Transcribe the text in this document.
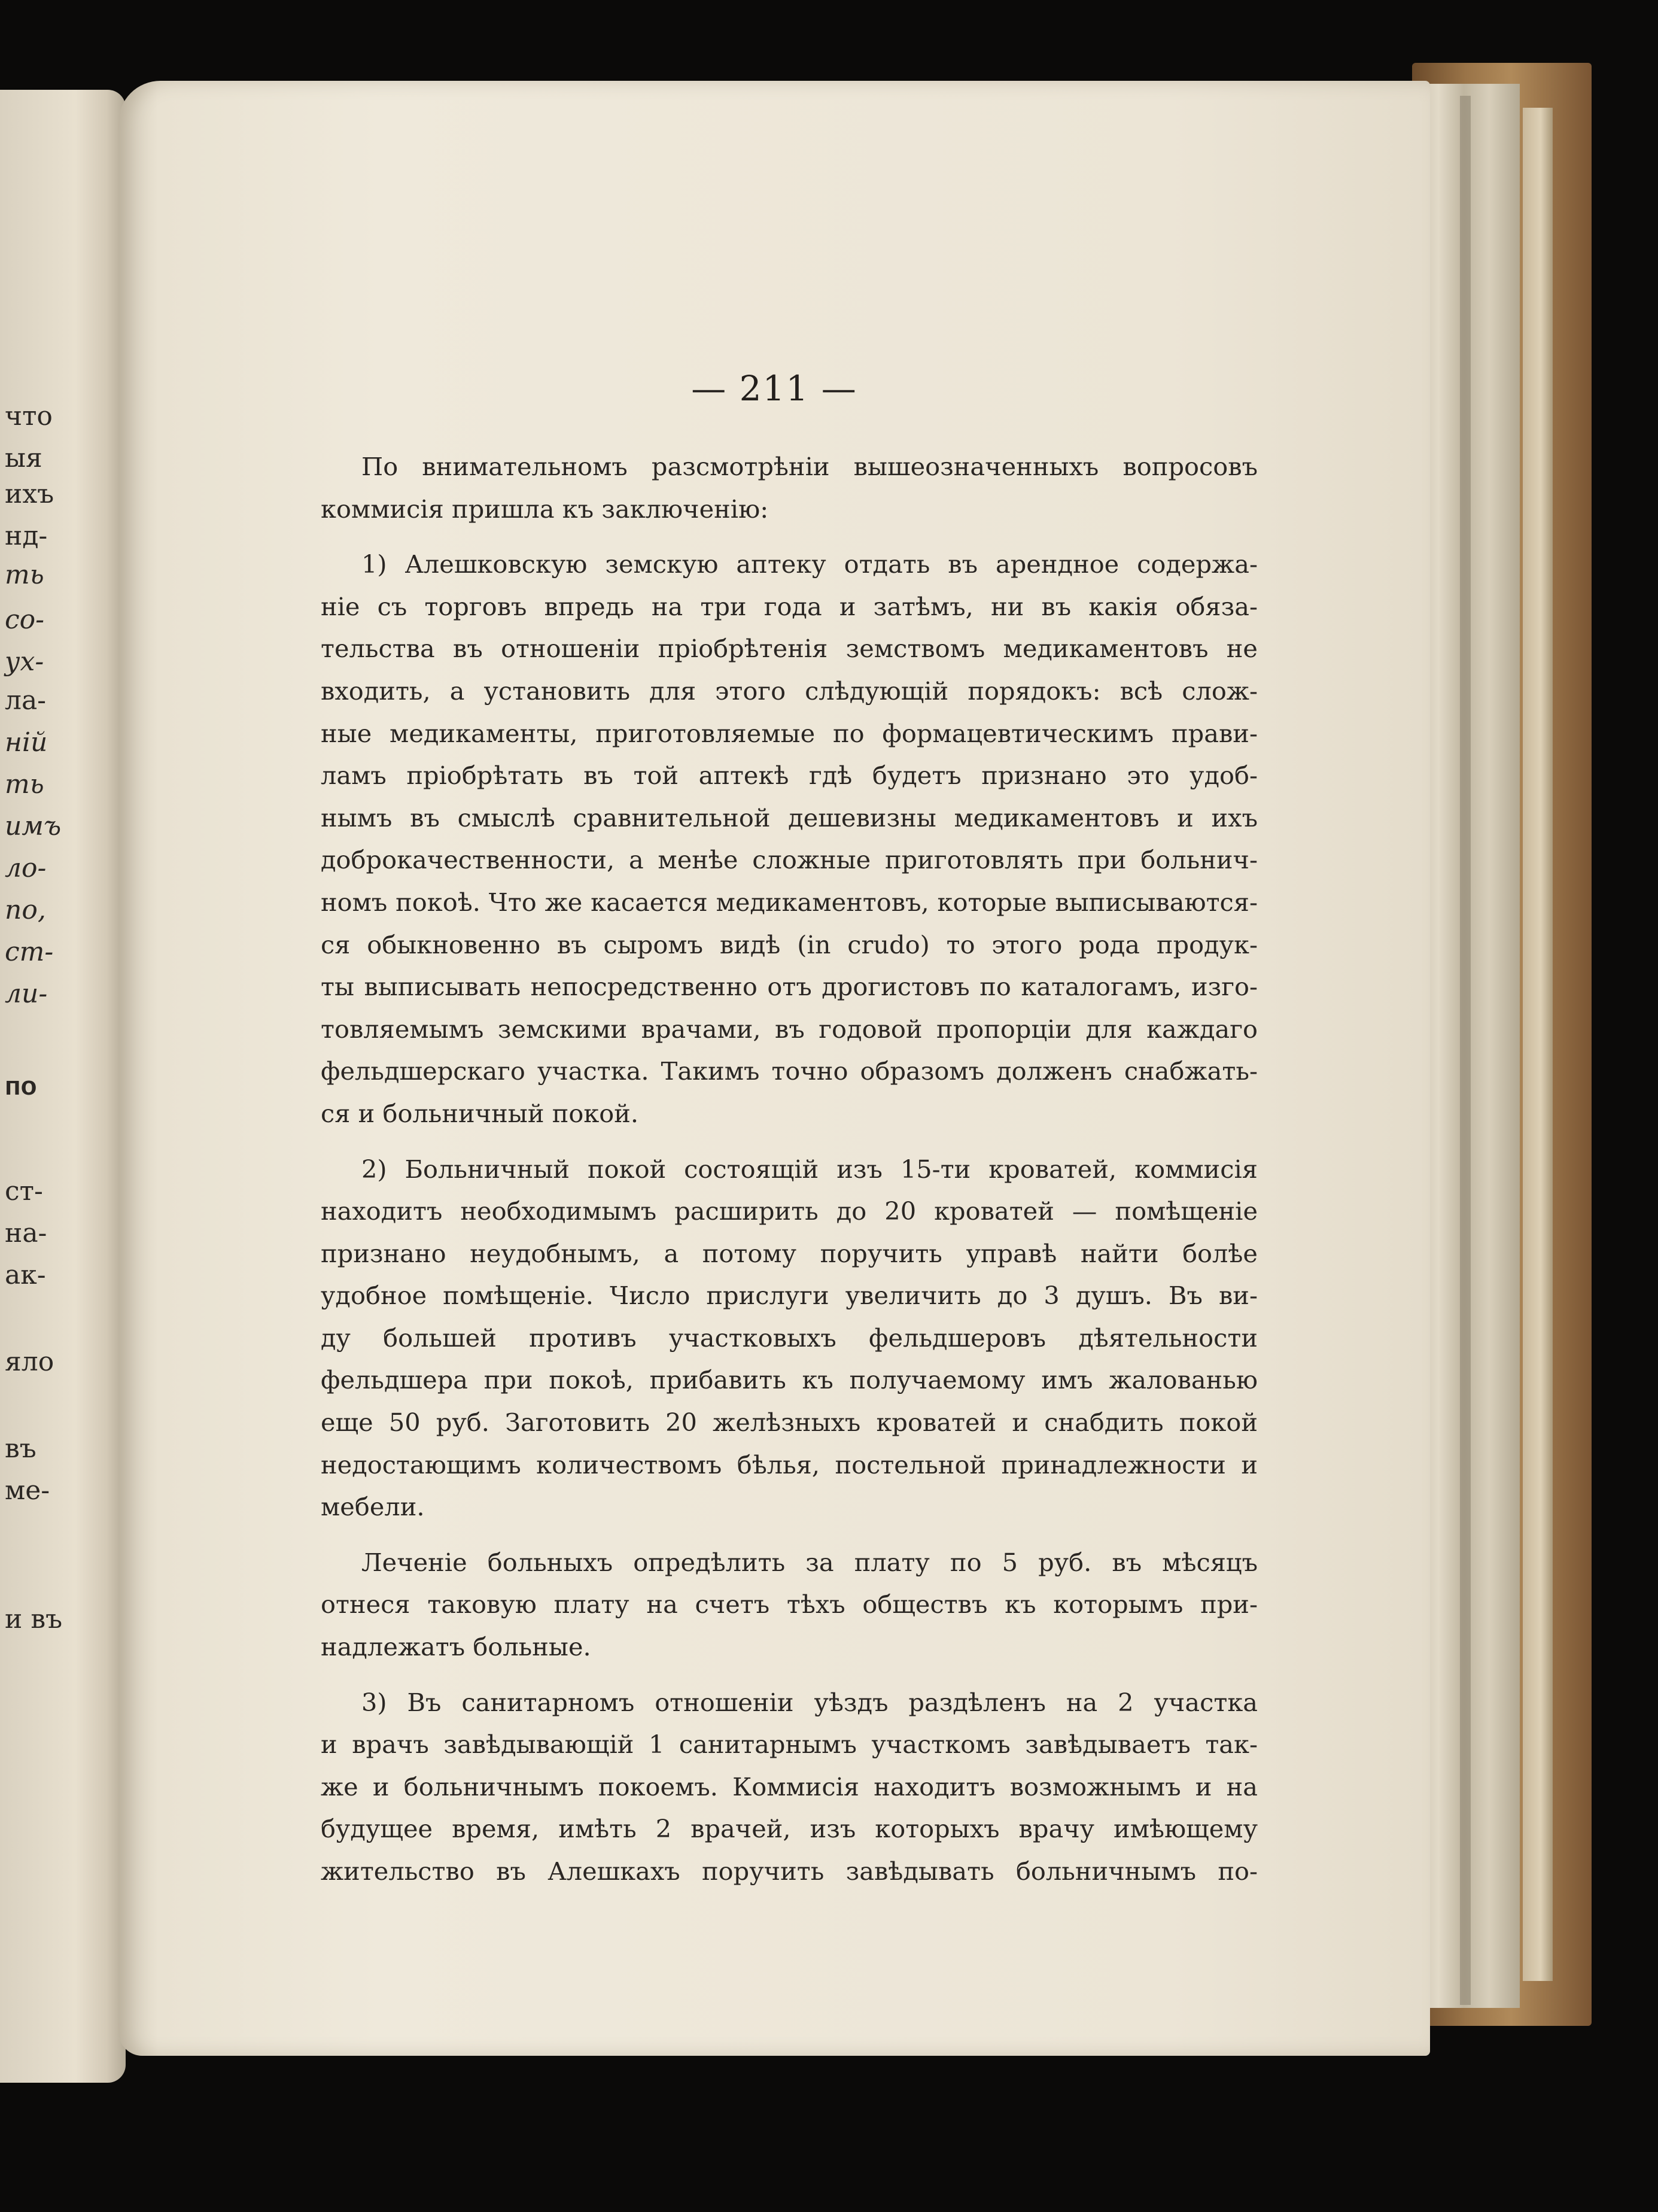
что
ыя
ихъ
нд-
ть
со-
ух-
ла-
ній
ть
имъ
ло-
по,
ст-
ли-
по
ст-
на-
ак-
яло
въ
ме-
и въ
— 211 —

По внимательномъ разсмотрѣніи вышеозначенныхъ вопросовъ
коммисія пришла къ заключенію:

1) Алешковскую земскую аптеку отдать въ арендное содержа-
ніе съ торговъ впредь на три года и затѣмъ, ни въ какія обяза-
тельства въ отношеніи пріобрѣтенія земствомъ медикаментовъ не
входить, а установить для этого слѣдующій порядокъ: всѣ слож-
ные медикаменты, приготовляемые по формацевтическимъ прави-
ламъ пріобрѣтать въ той аптекѣ гдѣ будетъ признано это удоб-
нымъ въ смыслѣ сравнительной дешевизны медикаментовъ и ихъ
доброкачественности, а менѣе сложные приготовлять при больнич-
номъ покоѣ. Что же касается медикаментовъ, которые выписываются-
ся обыкновенно въ сыромъ видѣ (in crudo) то этого рода продук-
ты выписывать непосредственно отъ дрогистовъ по каталогамъ, изго-
товляемымъ земскими врачами, въ годовой пропорціи для каждаго
фельдшерскаго участка. Такимъ точно образомъ долженъ снабжать-
ся и больничный покой.

2) Больничный покой состоящій изъ 15-ти кроватей, коммисія
находитъ необходимымъ расширить до 20 кроватей — помѣщеніе
признано неудобнымъ, а потому поручить управѣ найти болѣе
удобное помѣщеніе. Число прислуги увеличить до 3 душъ. Въ ви-
ду большей противъ участковыхъ фельдшеровъ дѣятельности
фельдшера при покоѣ, прибавить къ получаемому имъ жалованью
еще 50 руб. Заготовить 20 желѣзныхъ кроватей и снабдить покой
недостающимъ количествомъ бѣлья, постельной принадлежности и
мебели.

Леченіе больныхъ опредѣлить за плату по 5 руб. въ мѣсяцъ
отнеся таковую плату на счетъ тѣхъ обществъ къ которымъ при-
надлежатъ больные.

3) Въ санитарномъ отношеніи уѣздъ раздѣленъ на 2 участка
и врачъ завѣдывающій 1 санитарнымъ участкомъ завѣдываетъ так-
же и больничнымъ покоемъ. Коммисія находитъ возможнымъ и на
будущее время, имѣть 2 врачей, изъ которыхъ врачу имѣющему
жительство въ Алешкахъ поручить завѣдывать больничнымъ по-
